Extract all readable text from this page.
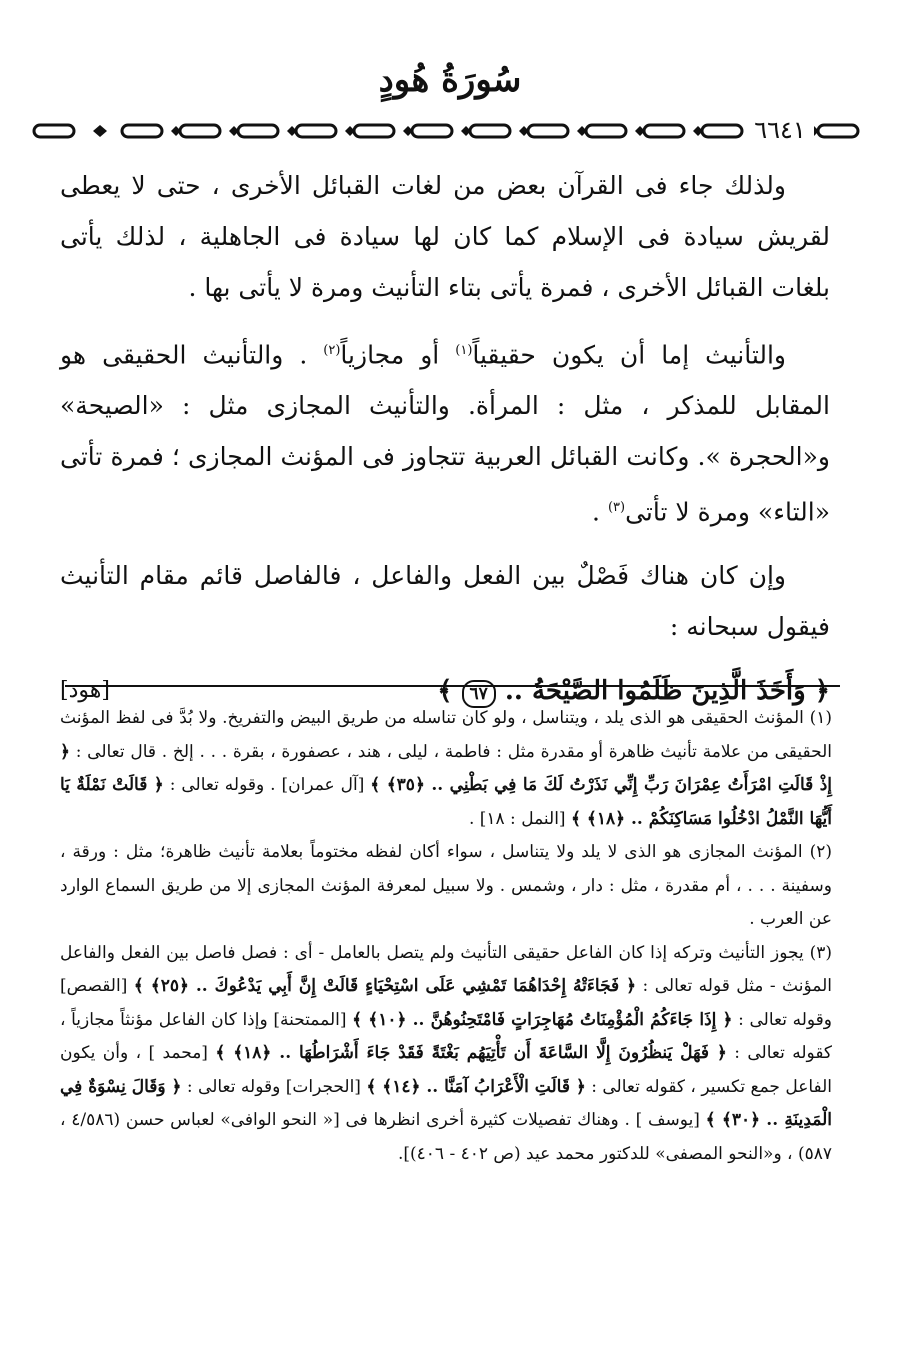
سُورَةُ هُودٍ
٦٦٤١

ولذلك جاء فى القرآن بعض من لغات القبائل الأخرى ، حتى لا يعطى لقريش سيادة فى الإسلام كما كان لها سيادة فى الجاهلية ، لذلك يأتى بلغات القبائل الأخرى ، فمرة يأتى بتاء التأنيث ومرة لا يأتى بها .

والتأنيث إما أن يكون حقيقياً$^{(١)}$ أو مجازياً$^{(٢)}$ . والتأنيث الحقيقى هو المقابل للمذكر ، مثل : المرأة. والتأنيث المجازى مثل : «الصيحة» و«الحجرة ». وكانت القبائل العربية تتجاوز فى المؤنث المجازى ؛ فمرة تأتى «التاء» ومرة لا تأتى$^{(٣)}$ .

وإن كان هناك فَصْلٌ بين الفعل والفاعل ، فالفاصل قائم مقام التأنيث فيقول سبحانه :

﴿ وَأَخَذَ الَّذِينَ ظَلَمُوا الصَّيْحَةُ .. ٦٧ ﴾
[هود]

(١) المؤنث الحقيقى هو الذى يلد ، ويتناسل ، ولو كان تناسله من طريق البيض والتفريخ. ولا بُدَّ فى لفظ المؤنث الحقيقى من علامة تأنيث ظاهرة أو مقدرة مثل : فاطمة ، ليلى ، هند ، عصفورة ، بقرة . . . إلخ . قال تعالى : ﴿ إِذْ قَالَتِ امْرَأَتُ عِمْرَانَ رَبِّ إِنِّي نَذَرْتُ لَكَ مَا فِي بَطْنِي .. ﴿٣٥﴾ ﴾ [آل عمران] . وقوله تعالى : ﴿ قَالَتْ نَمْلَةٌ يَا أَيُّهَا النَّمْلُ ادْخُلُوا مَسَاكِنَكُمْ .. ﴿١٨﴾ ﴾ [النمل : ١٨] .

(٢) المؤنث المجازى هو الذى لا يلد ولا يتناسل ، سواء أكان لفظه مختوماً بعلامة تأنيث ظاهرة؛ مثل : ورقة ، وسفينة . . . ، أم مقدرة ، مثل : دار ، وشمس . ولا سبيل لمعرفة المؤنث المجازى إلا من طريق السماع الوارد عن العرب .

(٣) يجوز التأنيث وتركه إذا كان الفاعل حقيقى التأنيث ولم يتصل بالعامل - أى : فصل فاصل بين الفعل والفاعل المؤنث - مثل قوله تعالى : ﴿ فَجَاءَتْهُ إِحْدَاهُمَا تَمْشِي عَلَى اسْتِحْيَاءٍ قَالَتْ إِنَّ أَبِي يَدْعُوكَ .. ﴿٢٥﴾ ﴾ [القصص] وقوله تعالى : ﴿ إِذَا جَاءَكُمُ الْمُؤْمِنَاتُ مُهَاجِرَاتٍ فَامْتَحِنُوهُنَّ .. ﴿١٠﴾ ﴾ [الممتحنة] وإذا كان الفاعل مؤنثاً مجازياً ، كقوله تعالى : ﴿ فَهَلْ يَنظُرُونَ إِلَّا السَّاعَةَ أَن تَأْتِيَهُم بَغْتَةً فَقَدْ جَاءَ أَشْرَاطُهَا .. ﴿١٨﴾ ﴾ [محمد ] ، وأن يكون الفاعل جمع تكسير ، كقوله تعالى : ﴿ قَالَتِ الْأَعْرَابُ آمَنَّا .. ﴿١٤﴾ ﴾ [الحجرات] وقوله تعالى : ﴿ وَقَالَ نِسْوَةٌ فِي الْمَدِينَةِ .. ﴿٣٠﴾ ﴾ [يوسف ] . وهناك تفصيلات كثيرة أخرى انظرها فى [« النحو الوافى» لعباس حسن (٤/٥٨٦ ، ٥٨٧) ، و«النحو المصفى» للدكتور محمد عيد (ص ٤٠٢ - ٤٠٦)].
